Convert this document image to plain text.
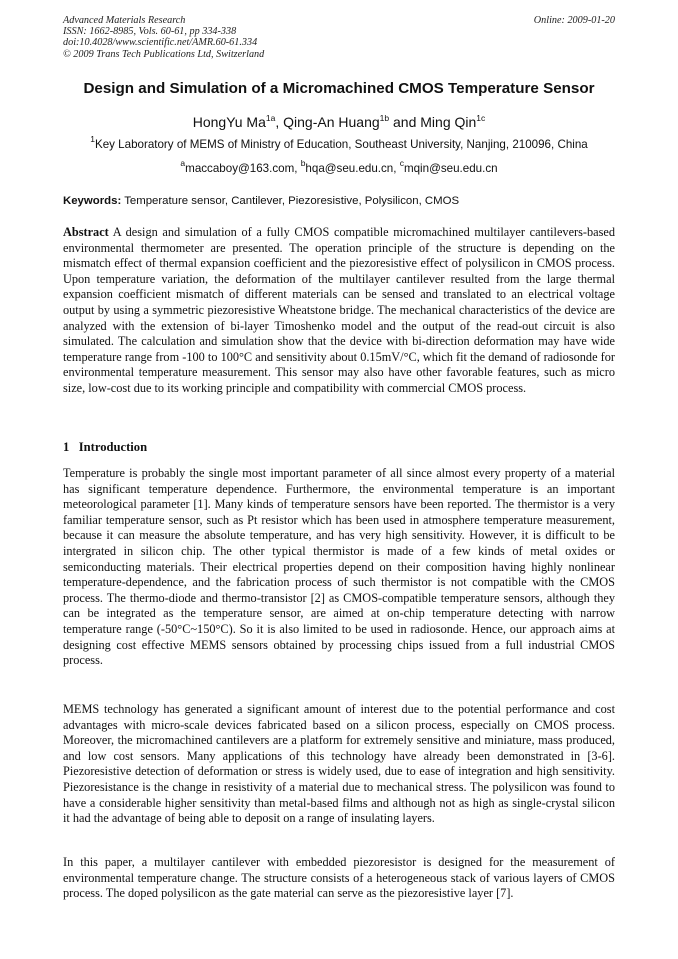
Advanced Materials Research
ISSN: 1662-8985, Vols. 60-61, pp 334-338
doi:10.4028/www.scientific.net/AMR.60-61.334
© 2009 Trans Tech Publications Ltd, Switzerland
Online: 2009-01-20
Design and Simulation of a Micromachined CMOS Temperature Sensor
HongYu $Ma^{1a}$, Qing-An Huang$^{1b}$ and Ming Qin$^{1c}$
$^1$Key Laboratory of MEMS of Ministry of Education, Southeast University, Nanjing, 210096, China
$^a$maccaboy@163.com, $^b$hqa@seu.edu.cn, $^c$mqin@seu.edu.cn
Keywords: Temperature sensor, Cantilever, Piezoresistive, Polysilicon, CMOS

Abstract A design and simulation of a fully CMOS compatible micromachined multilayer cantilevers-based environmental thermometer are presented. The operation principle of the structure is depending on the mismatch effect of thermal expansion coefficient and the piezoresistive effect of polysilicon in CMOS process. Upon temperature variation, the deformation of the multilayer cantilever resulted from the large thermal expansion coefficient mismatch of different materials can be sensed and translated to an electrical voltage output by using a symmetric piezoresistive Wheatstone bridge. The mechanical characteristics of the device are analyzed with the extension of bi-layer Timoshenko model and the output of the read-out circuit is also simulated. The calculation and simulation show that the device with bi-direction deformation may have wide temperature range from -100 to 100°C and sensitivity about 0.15mV/°C, which fit the demand of radiosonde for environmental temperature measurement. This sensor may also have other favorable features, such as micro size, low-cost due to its working principle and compatibility with commercial CMOS process.

1 Introduction

Temperature is probably the single most important parameter of all since almost every property of a material has significant temperature dependence. Furthermore, the environmental temperature is an important meteorological parameter [1]. Many kinds of temperature sensors have been reported. The thermistor is a very familiar temperature sensor, such as Pt resistor which has been used in atmosphere temperature measurement, because it can measure the absolute temperature, and has very high sensitivity. However, it is difficult to be intergrated in silicon chip. The other typical thermistor is made of a few kinds of metal oxides or semiconducting materials. Their electrical properties depend on their composition having highly nonlinear temperature-dependence, and the fabrication process of such thermistor is not compatible with the CMOS process. The thermo-diode and thermo-transistor [2] as CMOS-compatible temperature sensors, although they can be integrated as the temperature sensor, are aimed at on-chip temperature detecting with narrow temperature range (-50°C~150°C). So it is also limited to be used in radiosonde. Hence, our approach aims at designing cost effective MEMS sensors obtained by processing chips issued from a full industrial CMOS process.

MEMS technology has generated a significant amount of interest due to the potential performance and cost advantages with micro-scale devices fabricated based on a silicon process, especially on CMOS process. Moreover, the micromachined cantilevers are a platform for extremely sensitive and miniature, mass produced, and low cost sensors. Many applications of this technology have already been demonstrated in [3-6]. Piezoresistive detection of deformation or stress is widely used, due to ease of integration and high sensitivity. Piezoresistance is the change in resistivity of a material due to mechanical stress. The polysilicon was found to have a considerable higher sensitivity than metal-based films and although not as high as single-crystal silicon it had the advantage of being able to deposit on a range of insulating layers.

In this paper, a multilayer cantilever with embedded piezoresistor is designed for the measurement of environmental temperature change. The structure consists of a heterogeneous stack of various layers of CMOS process. The doped polysilicon as the gate material can serve as the piezoresistive layer [7].
